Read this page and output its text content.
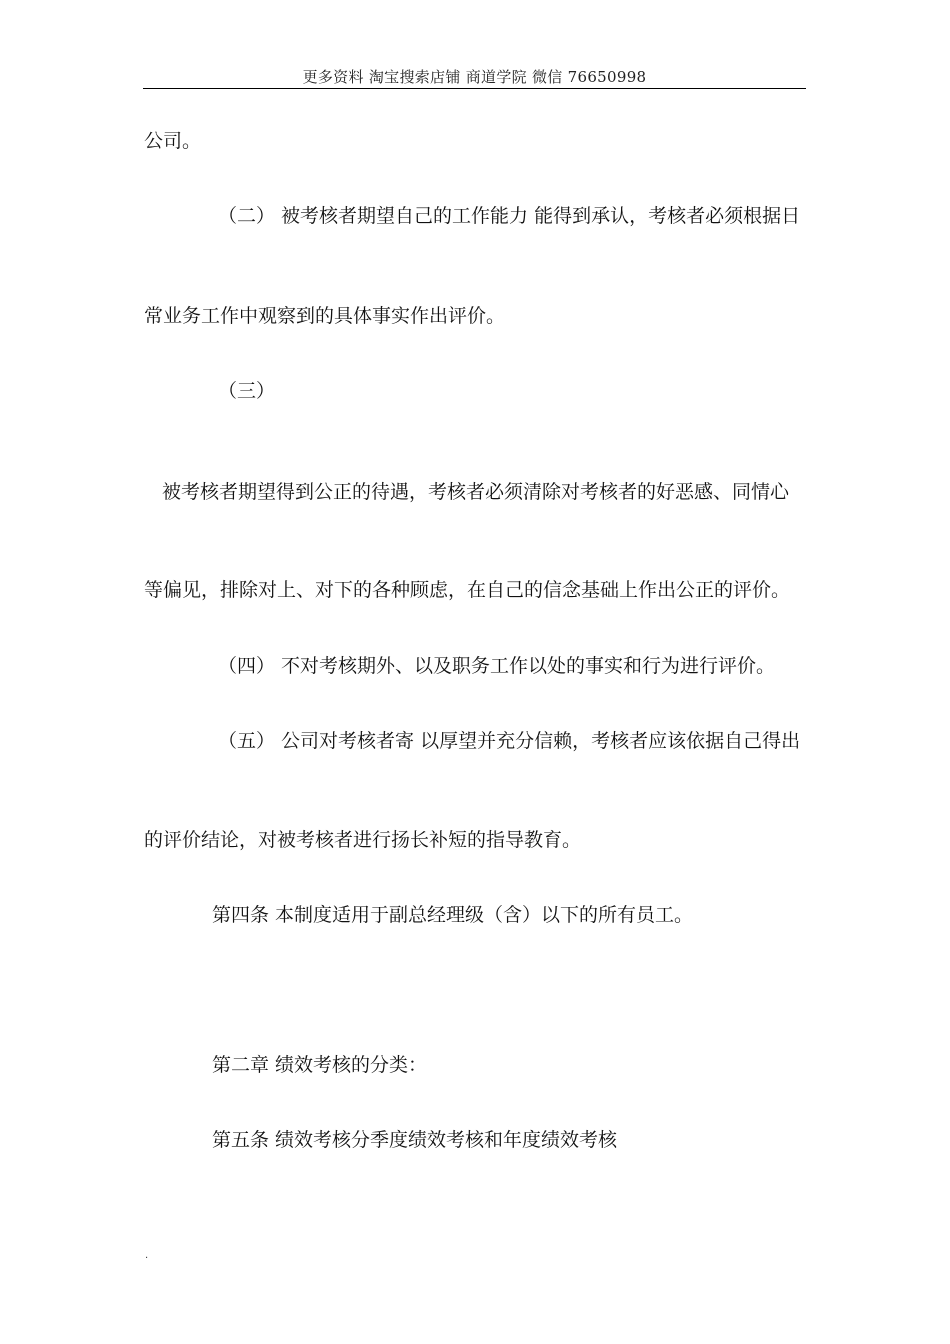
更多资料 淘宝搜索店铺 商道学院 微信 76650998
公司。
（二） 被考核者期望自己的工作能力 能得到承认，考核者必须根据日
常业务工作中观察到的具体事实作出评价。
（三）
被考核者期望得到公正的待遇，考核者必须清除对考核者的好恶感、同情心
等偏见，排除对上、对下的各种顾虑，在自己的信念基础上作出公正的评价。
（四） 不对考核期外、以及职务工作以处的事实和行为进行评价。
（五） 公司对考核者寄 以厚望并充分信赖，考核者应该依据自己得出
的评价结论，对被考核者进行扬长补短的指导教育。
第四条 本制度适用于副总经理级（含）以下的所有员工。
第二章 绩效考核的分类：
第五条 绩效考核分季度绩效考核和年度绩效考核
.
